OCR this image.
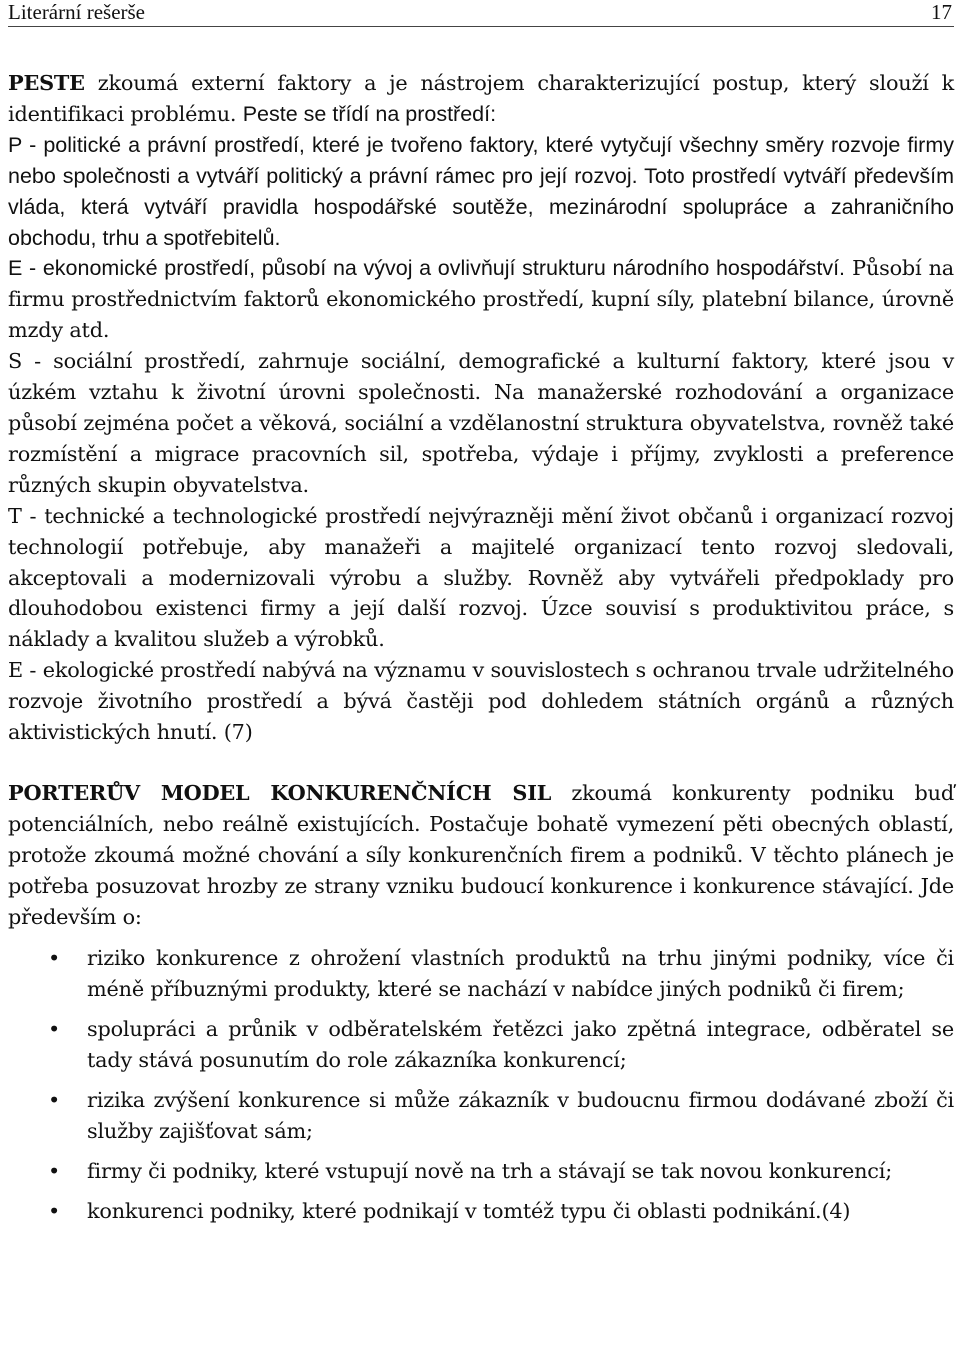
Literární rešerše	17

PESTE zkoumá externí faktory a je nástrojem charakterizující postup, který slouží k identifikaci problému. Peste se třídí na prostředí:

P - politické a právní prostředí, které je tvořeno faktory, které vytyčují všechny směry rozvoje firmy nebo společnosti a vytváří politický a právní rámec pro její rozvoj. Toto prostředí vytváří především vláda, která vytváří pravidla hospodářské soutěže, mezinárodní spolupráce a zahraničního obchodu, trhu a spotřebitelů.

E - ekonomické prostředí, působí na vývoj a ovlivňují strukturu národního hospodářství. Působí na firmu prostřednictvím faktorů ekonomického prostředí, kupní síly, platební bilance, úrovně mzdy atd.

S - sociální prostředí, zahrnuje sociální, demografické a kulturní faktory, které jsou v úzkém vztahu k životní úrovni společnosti. Na manažerské rozhodování a organizace působí zejména počet a věková, sociální a vzdělanostní struktura obyvatelstva, rovněž také rozmístění a migrace pracovních sil, spotřeba, výdaje i příjmy, zvyklosti a preference různých skupin obyvatelstva.

T - technické a technologické prostředí nejvýrazněji mění život občanů i organizací rozvoj technologií potřebuje, aby manažeři a majitelé organizací tento rozvoj sledovali, akceptovali a modernizovali výrobu a služby. Rovněž aby vytvářeli předpoklady pro dlouhodobou existenci firmy a její další rozvoj. Úzce souvisí s produktivitou práce, s náklady a kvalitou služeb a výrobků.

E - ekologické prostředí nabývá na významu v souvislostech s ochranou trvale udržitelného rozvoje životního prostředí a bývá častěji pod dohledem státních orgánů a různých aktivistických hnutí. (7)

PORTERŮV MODEL KONKURENČNÍCH SIL zkoumá konkurenty podniku buď potenciálních, nebo reálně existujících. Postačuje bohatě vymezení pěti obecných oblastí, protože zkoumá možné chování a síly konkurenčních firem a podniků. V těchto plánech je potřeba posuzovat hrozby ze strany vzniku budoucí konkurence i konkurence stávající. Jde především o:

• riziko konkurence z ohrožení vlastních produktů na trhu jinými podniky, více či méně příbuznými produkty, které se nachází v nabídce jiných podniků či firem;
• spolupráci a průnik v odběratelském řetězci jako zpětná integrace, odběratel se tady stává posunutím do role zákazníka konkurencí;
• rizika zvýšení konkurence si může zákazník v budoucnu firmou dodávané zboží či služby zajišťovat sám;
• firmy či podniky, které vstupují nově na trh a stávají se tak novou konkurencí;
• konkurenci podniky, které podnikají v tomtéž typu či oblasti podnikání.(4)
